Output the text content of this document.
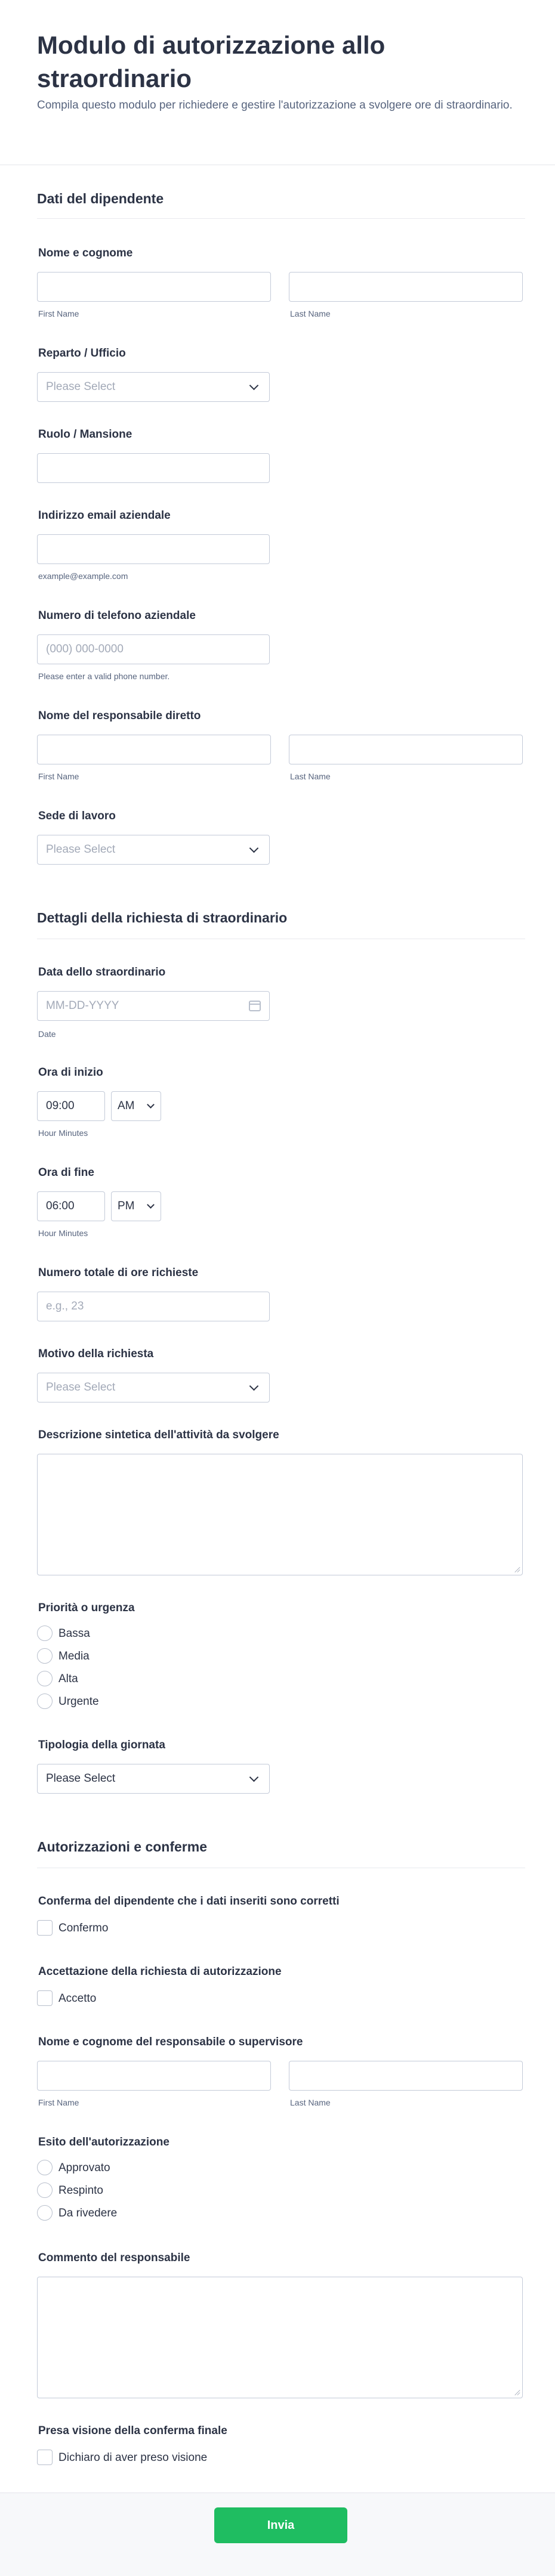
Modulo di autorizzazione allo straordinario
Compila questo modulo per richiedere e gestire l'autorizzazione a svolgere ore di straordinario.
Dati del dipendente
Nome e cognome
First Name	Last Name
Reparto / Ufficio
Please Select
Ruolo / Mansione
Indirizzo email aziendale
example@example.com
Numero di telefono aziendale
(000) 000-0000
Please enter a valid phone number.
Nome del responsabile diretto
First Name	Last Name
Sede di lavoro
Please Select
Dettagli della richiesta di straordinario
Data dello straordinario
MM-DD-YYYY
Date
Ora di inizio
09:00	AM
Hour Minutes
Ora di fine
06:00	PM
Hour Minutes
Numero totale di ore richieste
e.g., 23
Motivo della richiesta
Please Select
Descrizione sintetica dell'attività da svolgere
Priorità o urgenza
Bassa
Media
Alta
Urgente
Tipologia della giornata
Please Select
Autorizzazioni e conferme
Conferma del dipendente che i dati inseriti sono corretti
Confermo
Accettazione della richiesta di autorizzazione
Accetto
Nome e cognome del responsabile o supervisore
First Name	Last Name
Esito dell'autorizzazione
Approvato
Respinto
Da rivedere
Commento del responsabile
Presa visione della conferma finale
Dichiaro di aver preso visione
Invia
